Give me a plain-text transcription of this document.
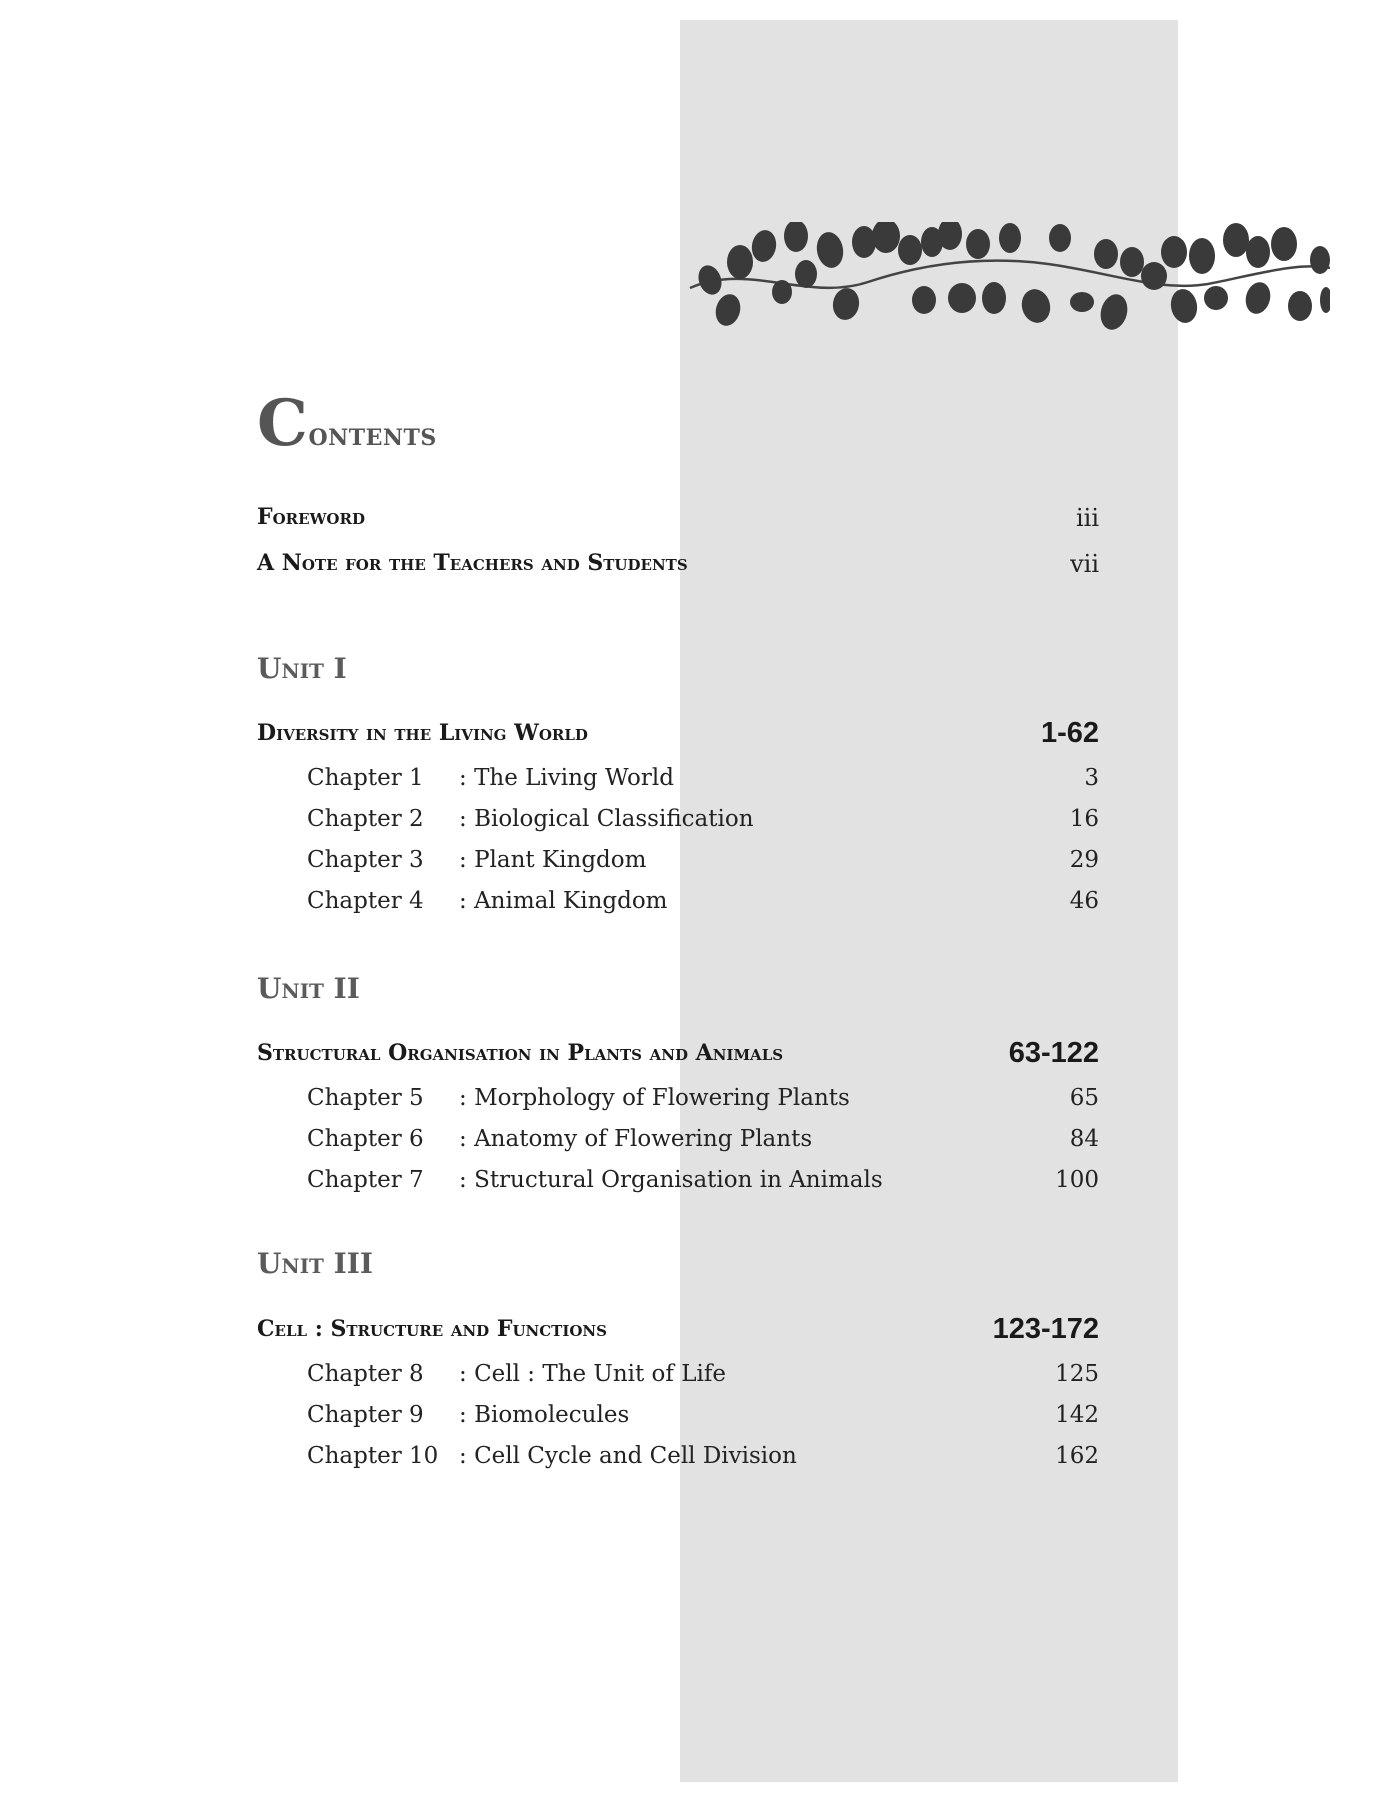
Contents
Foreword	iii
A Note for the Teachers and Students	vii
Unit I
Diversity in the Living World	1-62
Chapter 1 : The Living World	3
Chapter 2 : Biological Classification	16
Chapter 3 : Plant Kingdom	29
Chapter 4 : Animal Kingdom	46
Unit II
Structural Organisation in Plants and Animals	63-122
Chapter 5 : Morphology of Flowering Plants	65
Chapter 6 : Anatomy of Flowering Plants	84
Chapter 7 : Structural Organisation in Animals	100
Unit III
Cell : Structure and Functions	123-172
Chapter 8 : Cell : The Unit of Life	125
Chapter 9 : Biomolecules	142
Chapter 10 : Cell Cycle and Cell Division	162
